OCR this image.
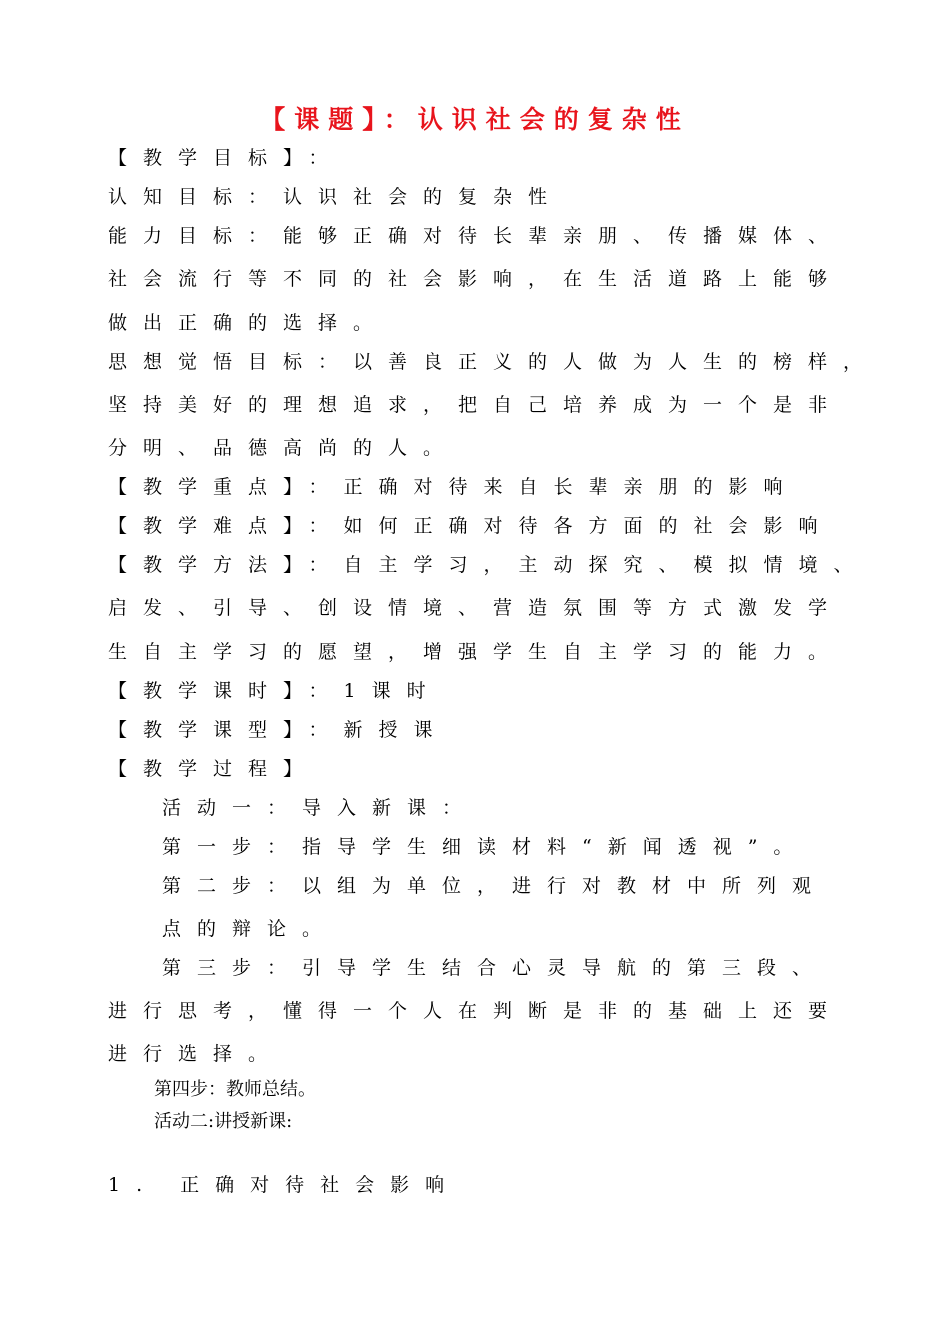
【课题】：认识社会的复杂性
【教学目标】：
认知目标：认识社会的复杂性
能力目标：能够正确对待长辈亲朋、传播媒体、
社会流行等不同的社会影响，在生活道路上能够
做出正确的选择。
思想觉悟目标：以善良正义的人做为人生的榜样，
坚持美好的理想追求，把自己培养成为一个是非
分明、品德高尚的人。
【教学重点】：正确对待来自长辈亲朋的影响
【教学难点】：如何正确对待各方面的社会影响
【教学方法】：自主学习，主动探究、模拟情境、
启发、引导、创设情境、营造氛围等方式激发学
生自主学习的愿望，增强学生自主学习的能力。
【教学课时】：1课时
【教学课型】：新授课
【教学过程】
活动一：导入新课：
第一步：指导学生细读材料“新闻透视”。
第二步：以组为单位，进行对教材中所列观
点的辩论。
第三步：引导学生结合心灵导航的第三段、
进行思考，懂得一个人在判断是非的基础上还要
进行选择。
第四步：教师总结。
活动二:讲授新课:
1. 正确对待社会影响
